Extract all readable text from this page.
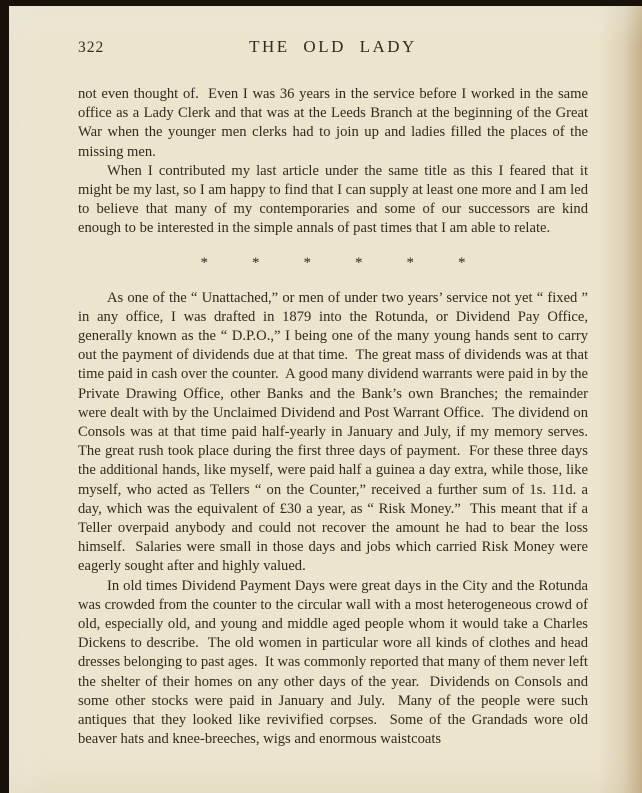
322	THE OLD LADY

not even thought of.  Even I was 36 years in the service before I worked in the same office as a Lady Clerk and that was at the Leeds Branch at the beginning of the Great War when the younger men clerks had to join up and ladies filled the places of the missing men.

When I contributed my last article under the same title as this I feared that it might be my last, so I am happy to find that I can supply at least one more and I am led to believe that many of my contemporaries and some of our successors are kind enough to be interested in the simple annals of past times that I am able to relate.

*	*	*	*	*	*

As one of the “ Unattached,” or men of under two years’ service not yet “ fixed ” in any office, I was drafted in 1879 into the Rotunda, or Dividend Pay Office, generally known as the “ D.P.O.,” I being one of the many young hands sent to carry out the payment of dividends due at that time.  The great mass of dividends was at that time paid in cash over the counter.  A good many dividend warrants were paid in by the Private Drawing Office, other Banks and the Bank’s own Branches; the remainder were dealt with by the Unclaimed Dividend and Post Warrant Office.  The dividend on Consols was at that time paid half-yearly in January and July, if my memory serves.  The great rush took place during the first three days of payment.  For these three days the additional hands, like myself, were paid half a guinea a day extra, while those, like myself, who acted as Tellers “ on the Counter,” received a further sum of 1s. 11d. a day, which was the equivalent of £30 a year, as “ Risk Money.”  This meant that if a Teller overpaid anybody and could not recover the amount he had to bear the loss himself.  Salaries were small in those days and jobs which carried Risk Money were eagerly sought after and highly valued.

In old times Dividend Payment Days were great days in the City and the Rotunda was crowded from the counter to the circular wall with a most heterogeneous crowd of old, especially old, and young and middle aged people whom it would take a Charles Dickens to describe.  The old women in particular wore all kinds of clothes and head dresses belonging to past ages.  It was commonly reported that many of them never left the shelter of their homes on any other days of the year.  Dividends on Consols and some other stocks were paid in January and July.  Many of the people were such antiques that they looked like revivified corpses.  Some of the Grandads wore old beaver hats and knee-breeches, wigs and enormous waistcoats
